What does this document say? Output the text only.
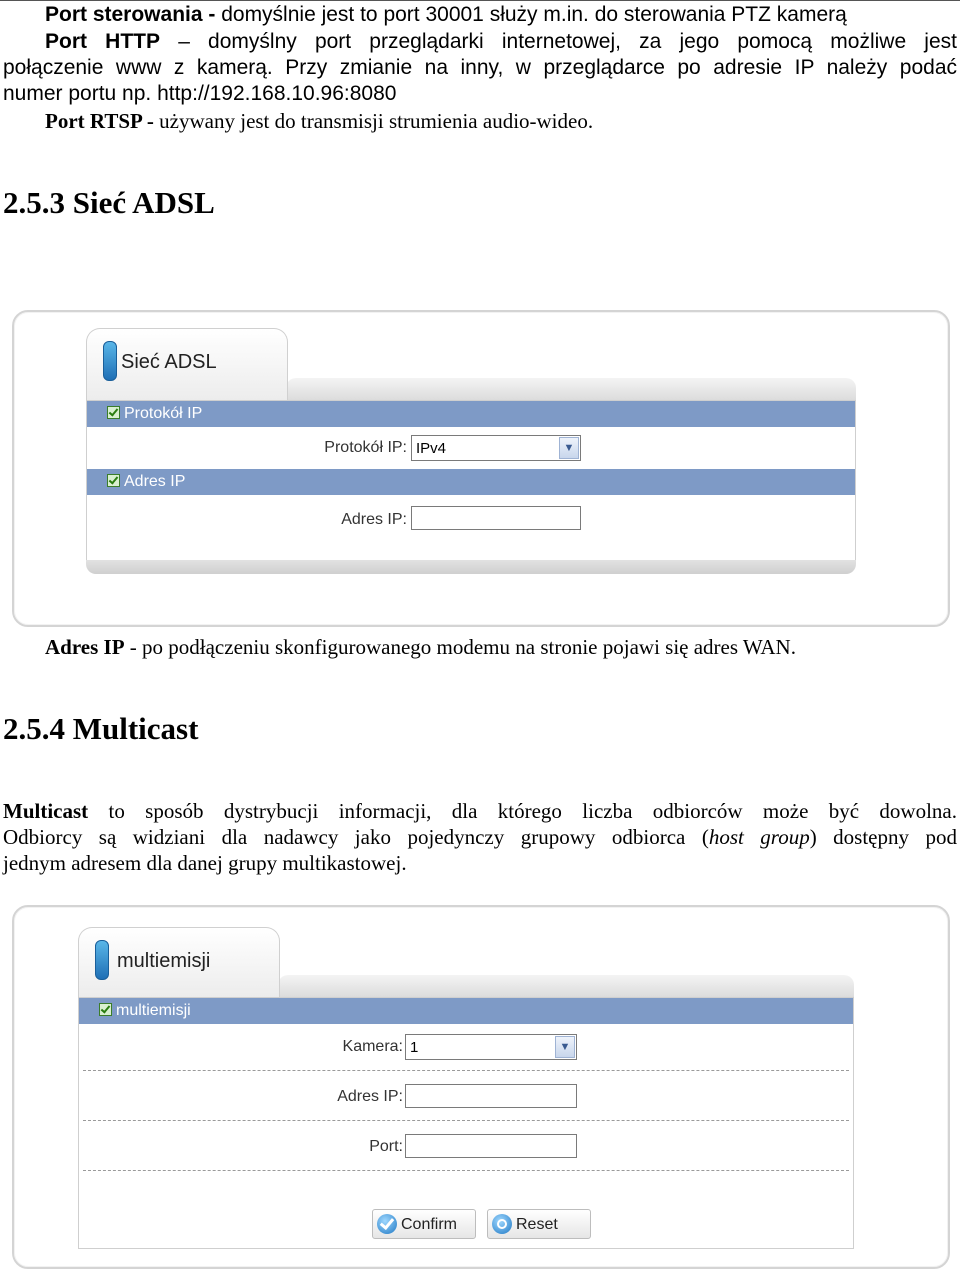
Port sterowania - domyślnie jest to port 30001 służy m.in. do sterowania PTZ kamerą

Port HTTP – domyślny port przeglądarki internetowej, za jego pomocą możliwe jest

połączenie www z kamerą. Przy zmianie na inny, w przeglądarce po adresie IP należy podać

numer portu np. http://192.168.10.96:8080

Port RTSP - używany jest do transmisji strumienia audio-wideo.

2.5.3 Sieć ADSL
Sieć ADSL
Protokół IP
Protokół IP: IPv4	▼
Adres IP
Adres IP:

Adres IP - po podłączeniu skonfigurowanego modemu na stronie pojawi się adres WAN.

2.5.4 Multicast

Multicast to sposób dystrybucji informacji, dla którego liczba odbiorców może być dowolna.

Odbiorcy są widziani dla nadawcy jako pojedynczy grupowy odbiorca (host group) dostępny pod

jednym adresem dla danej grupy multikastowej.

multiemisji
multiemisji
Kamera: 1	▼
Adres IP:
Port:
Confirm	Reset
